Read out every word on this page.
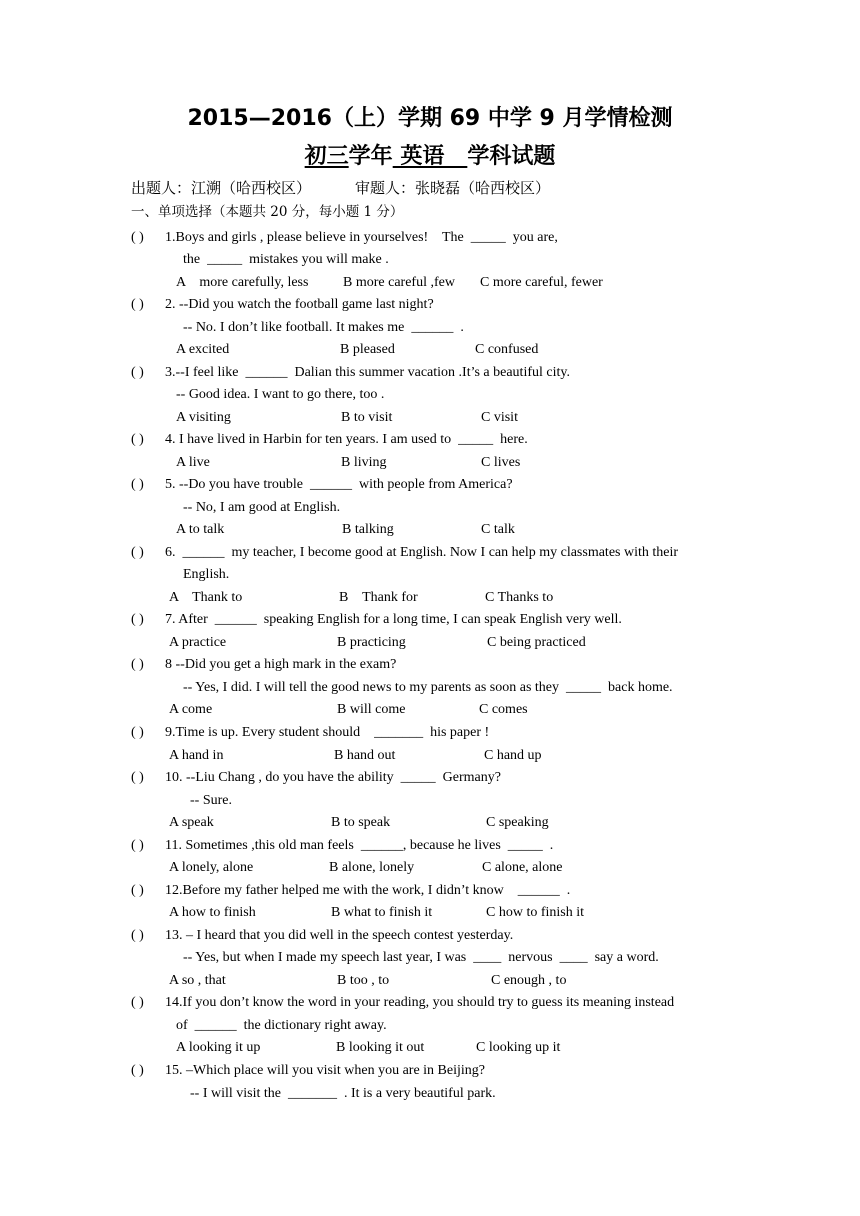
2015—2016（上）学期 69 中学 9 月学情检测
初三学年 英语   学科试题
出题人：江溯（哈西校区）	审题人：张晓磊（哈西校区）
一、单项选择（本题共 20 分，每小题 1 分）
( ) 1.Boys and girls , please believe in yourselves!    The  _____  you are,
the  _____  mistakes you will make .
A    more carefully, less B more careful ,few C more careful, fewer
( ) 2. --Did you watch the football game last night?
-- No. I don’t like football. It makes me  ______  .
A excited	B pleased	C confused
( ) 3.--I feel like  ______  Dalian this summer vacation .It’s a beautiful city.
-- Good idea. I want to go there, too .
A visiting	B to visit	C visit
( ) 4. I have lived in Harbin for ten years. I am used to  _____  here.
A live	B living	C lives
( ) 5. --Do you have trouble  ______  with people from America?
-- No, I am good at English.
A to talk	B talking	C talk
( ) 6.  ______  my teacher, I become good at English. Now I can help my classmates with their
English.
A    Thank to	B    Thank for	C Thanks to
( ) 7. After  ______  speaking English for a long time, I can speak English very well.
A practice	B practicing	C being practiced
( ) 8 --Did you get a high mark in the exam?
-- Yes, I did. I will tell the good news to my parents as soon as they  _____  back home.
A come	B will come	C comes
( ) 9.Time is up. Every student should    _______  his paper !
A hand in	B hand out	C hand up
( ) 10. --Liu Chang , do you have the ability  _____  Germany?
-- Sure.
A speak	B to speak	C speaking
( ) 11. Sometimes ,this old man feels  ______, because he lives  _____  .
A lonely, alone	B alone, lonely	C alone, alone
( ) 12.Before my father helped me with the work, I didn’t know    ______  .
A how to finish	B what to finish it	C how to finish it
( ) 13. – I heard that you did well in the speech contest yesterday.
-- Yes, but when I made my speech last year, I was  ____  nervous  ____  say a word.
A so , that	B too , to	C enough , to
( ) 14.If you don’t know the word in your reading, you should try to guess its meaning instead
of  ______  the dictionary right away.
A looking it up	B looking it out	C looking up it
( ) 15. –Which place will you visit when you are in Beijing?
-- I will visit the  _______  . It is a very beautiful park.
